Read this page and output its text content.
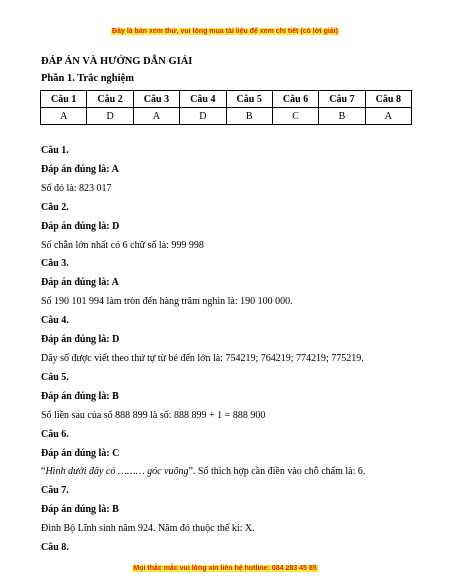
Đây là bản xem thử, vui lòng mua tài liệu để xem chi tiết (có lời giải)
ĐÁP ÁN VÀ HƯỚNG DẪN GIẢI
Phần 1. Trắc nghiệm
Câu 1	Câu 2	Câu 3	Câu 4	Câu 5	Câu 6	Câu 7	Câu 8
A	D	A	D	B	C	B	A
Câu 1.
Đáp án đúng là: A
Số đó là: 823 017
Câu 2.
Đáp án đúng là: D
Số chẵn lớn nhất có 6 chữ số là: 999 998
Câu 3.
Đáp án đúng là: A
Số 190 101 994 làm tròn đến hàng trăm nghìn là: 190 100 000.
Câu 4.
Đáp án đúng là: D
Dãy số được viết theo thứ tự từ bé đến lớn là: 754219; 764219; 774219; 775219.
Câu 5.
Đáp án đúng là: B
Số liền sau của số 888 899 là số: 888 899 + 1 = 888 900
Câu 6.
Đáp án đúng là: C
“Hình dưới đây có ……… góc vuông”. Số thích hợp cần điền vào chỗ chấm là: 6.
Câu 7.
Đáp án đúng là: B
Đinh Bộ Lĩnh sinh năm 924. Năm đó thuộc thế kỉ: X.
Câu 8.
Mọi thắc mắc vui lòng xin liên hệ hotline: 084 283 45 85
